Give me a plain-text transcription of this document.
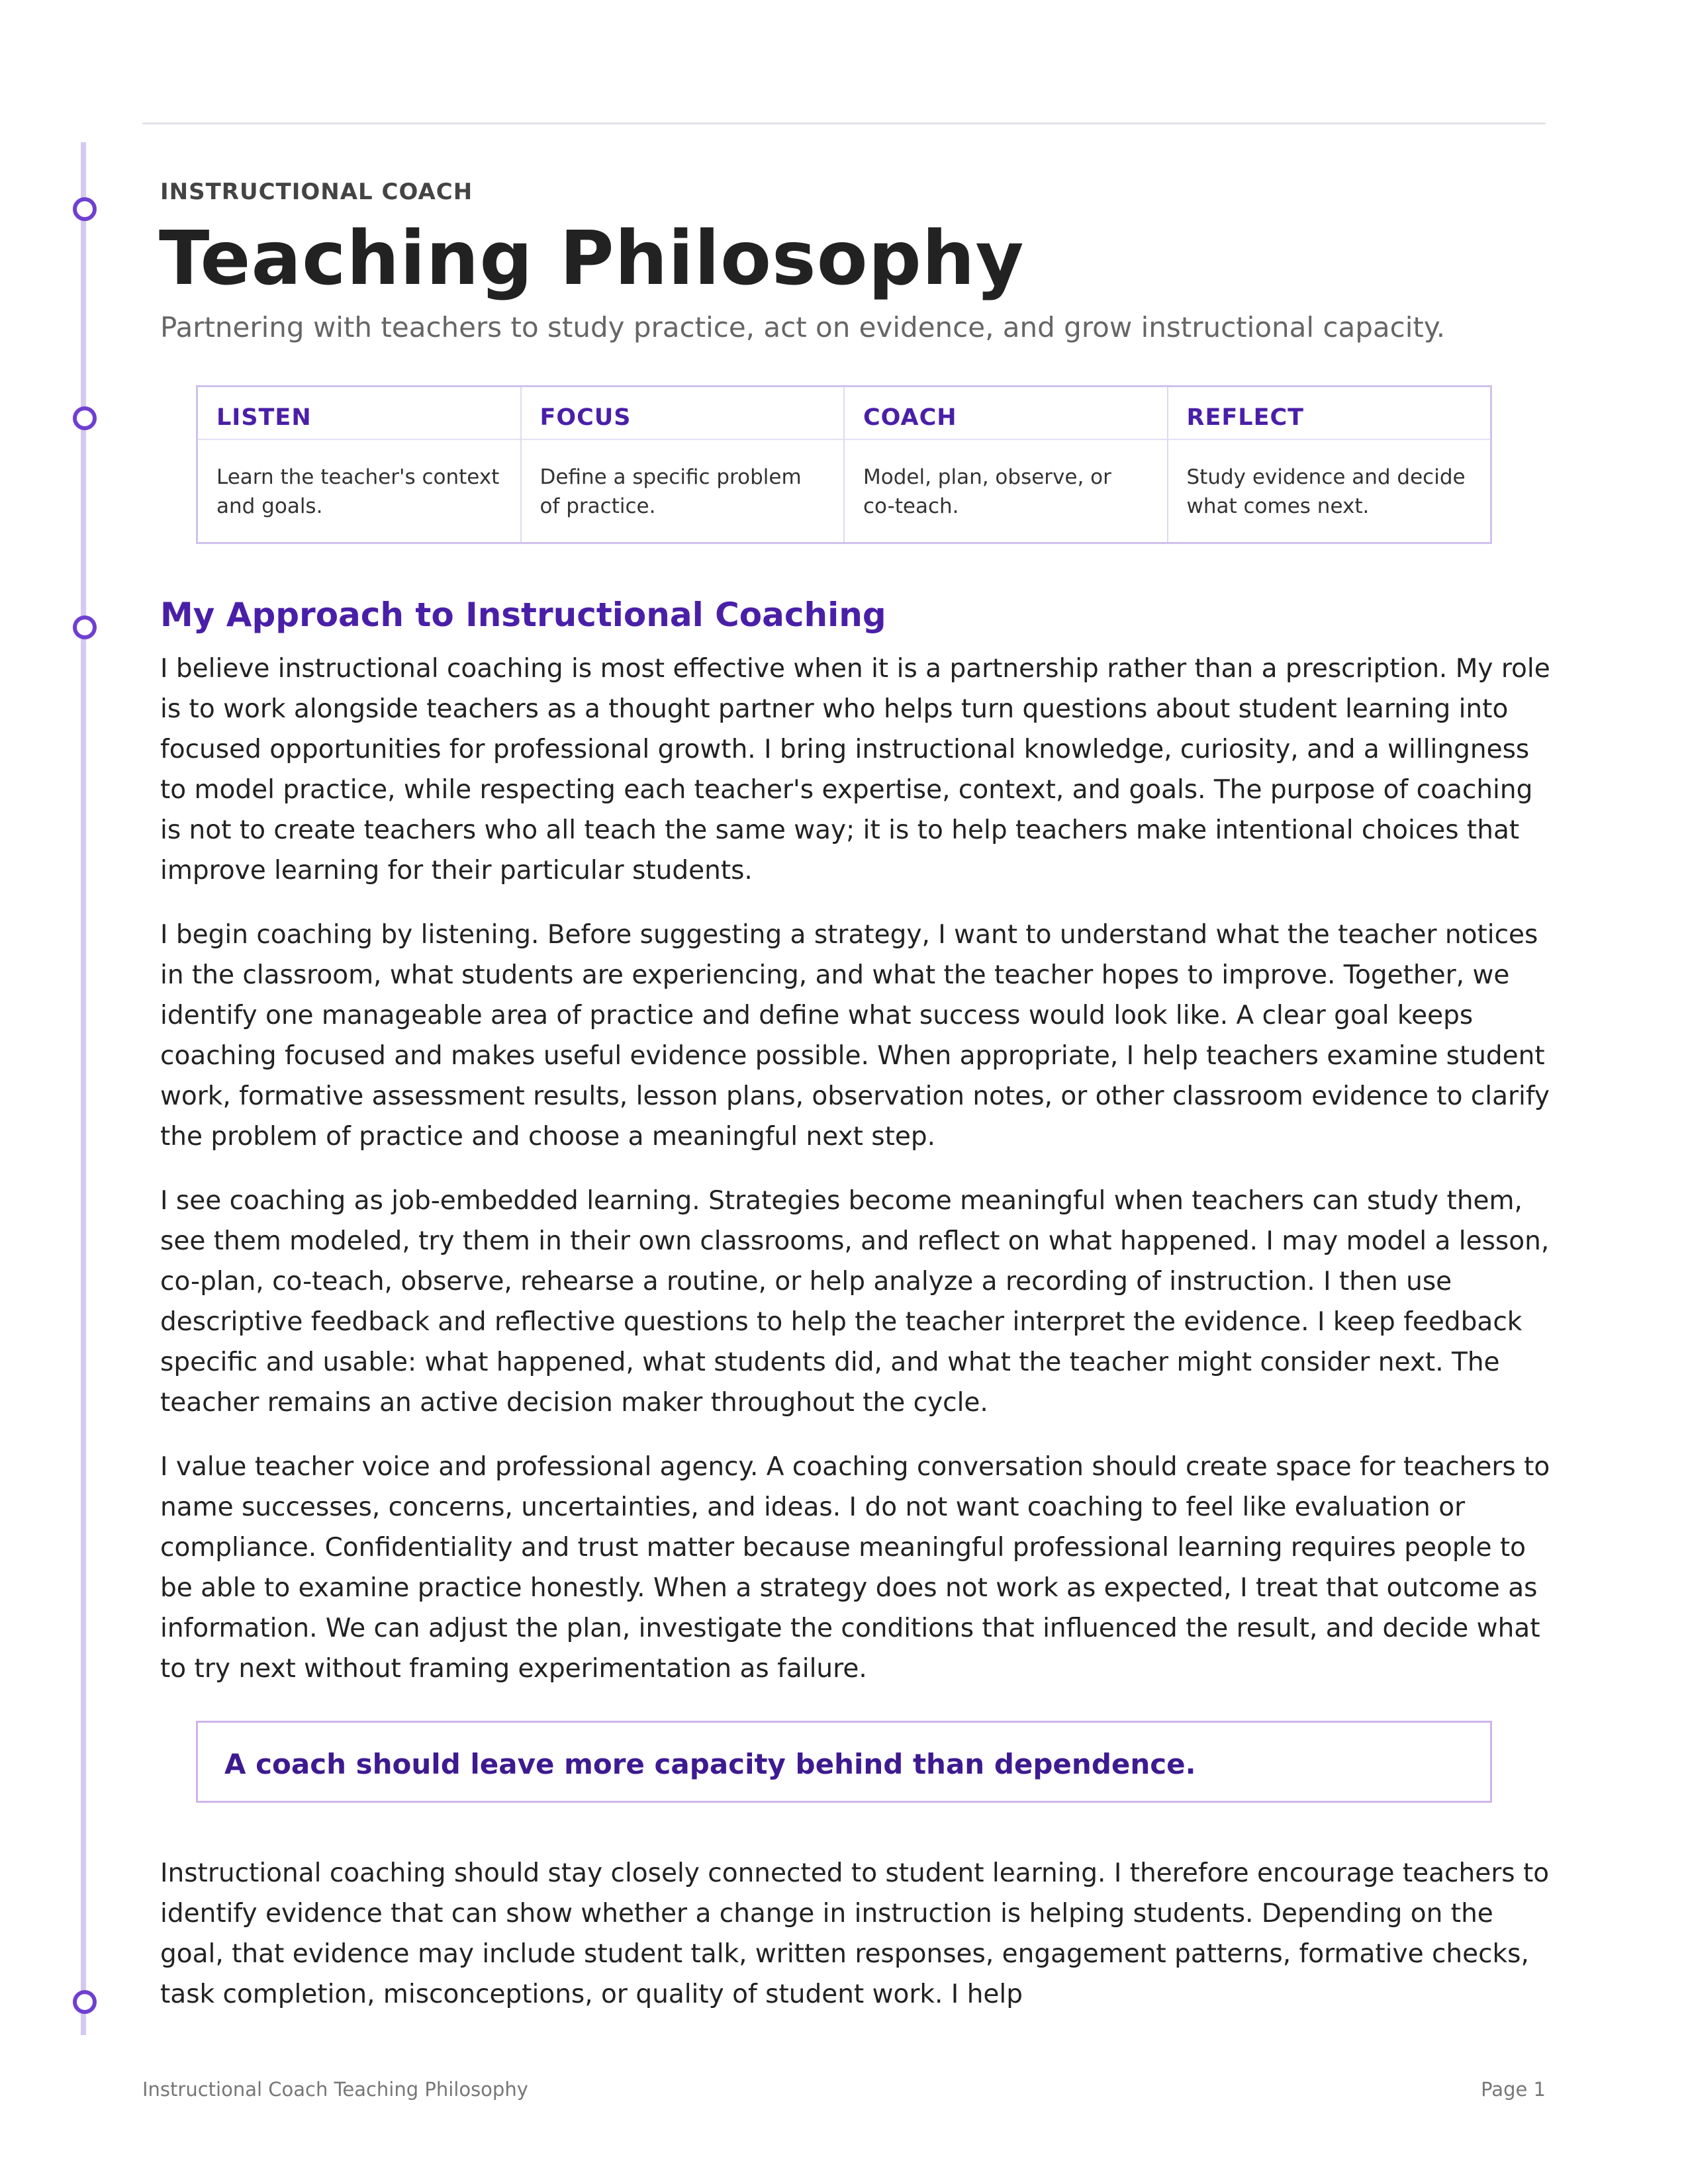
INSTRUCTIONAL COACH
Teaching Philosophy
Partnering with teachers to study practice, act on evidence, and grow instructional capacity.
LISTEN
Learn the teacher's context and goals.
FOCUS
Define a specific problem of practice.
COACH
Model, plan, observe, or co-teach.
REFLECT
Study evidence and decide what comes next.
My Approach to Instructional Coaching

I believe instructional coaching is most effective when it is a partnership rather than a prescription. My role is to work alongside teachers as a thought partner who helps turn questions about student learning into focused opportunities for professional growth. I bring instructional knowledge, curiosity, and a willingness to model practice, while respecting each teacher's expertise, context, and goals. The purpose of coaching is not to create teachers who all teach the same way; it is to help teachers make intentional choices that improve learning for their particular students.

I begin coaching by listening. Before suggesting a strategy, I want to understand what the teacher notices in the classroom, what students are experiencing, and what the teacher hopes to improve. Together, we identify one manageable area of practice and define what success would look like. A clear goal keeps coaching focused and makes useful evidence possible. When appropriate, I help teachers examine student work, formative assessment results, lesson plans, observation notes, or other classroom evidence to clarify the problem of practice and choose a meaningful next step.

I see coaching as job-embedded learning. Strategies become meaningful when teachers can study them, see them modeled, try them in their own classrooms, and reflect on what happened. I may model a lesson, co-plan, co-teach, observe, rehearse a routine, or help analyze a recording of instruction. I then use descriptive feedback and reflective questions to help the teacher interpret the evidence. I keep feedback specific and usable: what happened, what students did, and what the teacher might consider next. The teacher remains an active decision maker throughout the cycle.

I value teacher voice and professional agency. A coaching conversation should create space for teachers to name successes, concerns, uncertainties, and ideas. I do not want coaching to feel like evaluation or compliance. Confidentiality and trust matter because meaningful professional learning requires people to be able to examine practice honestly. When a strategy does not work as expected, I treat that outcome as information. We can adjust the plan, investigate the conditions that influenced the result, and decide what to try next without framing experimentation as failure.

A coach should leave more capacity behind than dependence.

Instructional coaching should stay closely connected to student learning. I therefore encourage teachers to identify evidence that can show whether a change in instruction is helping students. Depending on the goal, that evidence may include student talk, written responses, engagement patterns, formative checks, task completion, misconceptions, or quality of student work. I help

Instructional Coach Teaching Philosophy	Page 1
